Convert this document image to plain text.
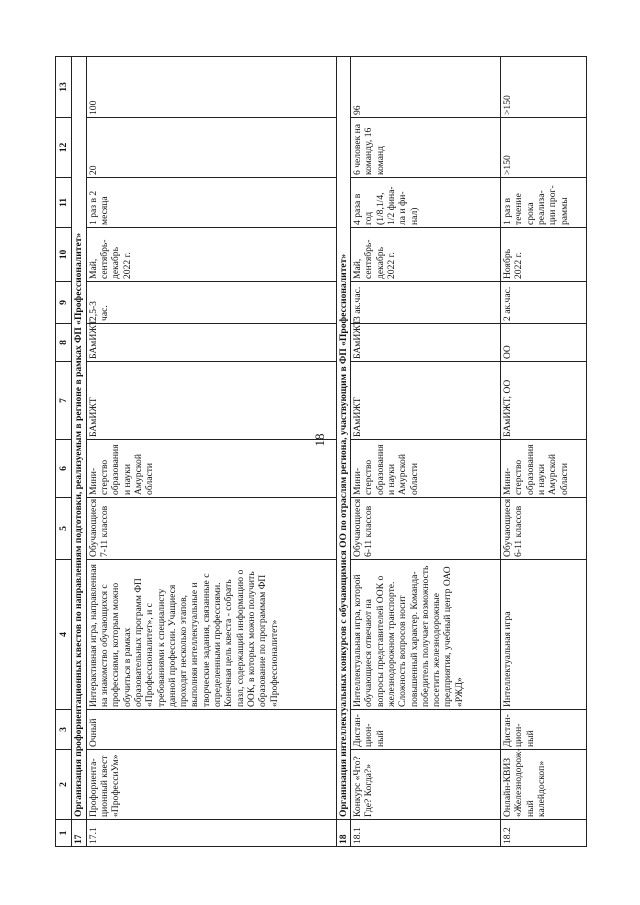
18
1	2	3	4	5	6	7	8	9	10	11	12	13
17	Организация профориентационных квестов по направлениям подготовки, реализуемым в регионе в рамках ФП «Профессионалитет»											
17.1	Профориента-ционный квест «ПрофессиУм»	Очный	Интерактивная игра, направленная на знакомство обучающихся с профессиями, которым можно обучиться в рамках образовательных программ ФП «Профессионалитет», и с требованиями к специалисту данной профессии. Учащиеся проходят несколько этапов, выполняя интеллектуальные и творческие задания, связанные с определенными профессиями. Конечная цель квеста - собрать пазл, содержащий информацию о ООК, в которых можно получить образование по программам ФП «Профессионалитет»	Обучающиеся 7-11 классов	Мини-стерство образования и науки Амурской области	БАмИЖТ	БАмИЖТ	2,5-3 час.	Май, сентябрь-декабрь 2022 г.	1 раз в 2 месяца	20	100
18	Организация интеллектуальных конкурсов с обучающимися ОО по отраслям региона, участвующим в ФП «Профессионалитет»											
18.1	Конкурс «Что? Где? Когда?»	Дистан-цион-ный	Интеллектуальная игра, которой обучающиеся отвечают на вопросы представителей ООК о железнодорожном транспорте. Сложность вопросов носит повышенный характер. Команда-победитель получает возможность посетить железнодорожные предприятия, учебный центр ОАО «РЖД»	Обучающиеся 6-11 классов	Мини-стерство образования и науки Амурской области	БАмИЖТ	БАмИЖТ	3 ак.час.	Май, сентябрь-декабрь 2022 г.	4 раза в год (1/8,1/4, 1/2 фина-ла и фи-нал)	6 человек на команду, 16 команд	96
18.2	Онлайн-КВИЗ «Железнодорож-ный калейдоскоп»	Дистан-цион-ный	Интеллектуальная игра	Обучающиеся 6-11 классов	Мини-стерство образования и науки Амурской области	БАмИЖТ, ОО	ОО	2 ак.час.	Ноябрь 2022 г.	1 раз в течение срока реализа-ции прог-раммы	>150	>150
